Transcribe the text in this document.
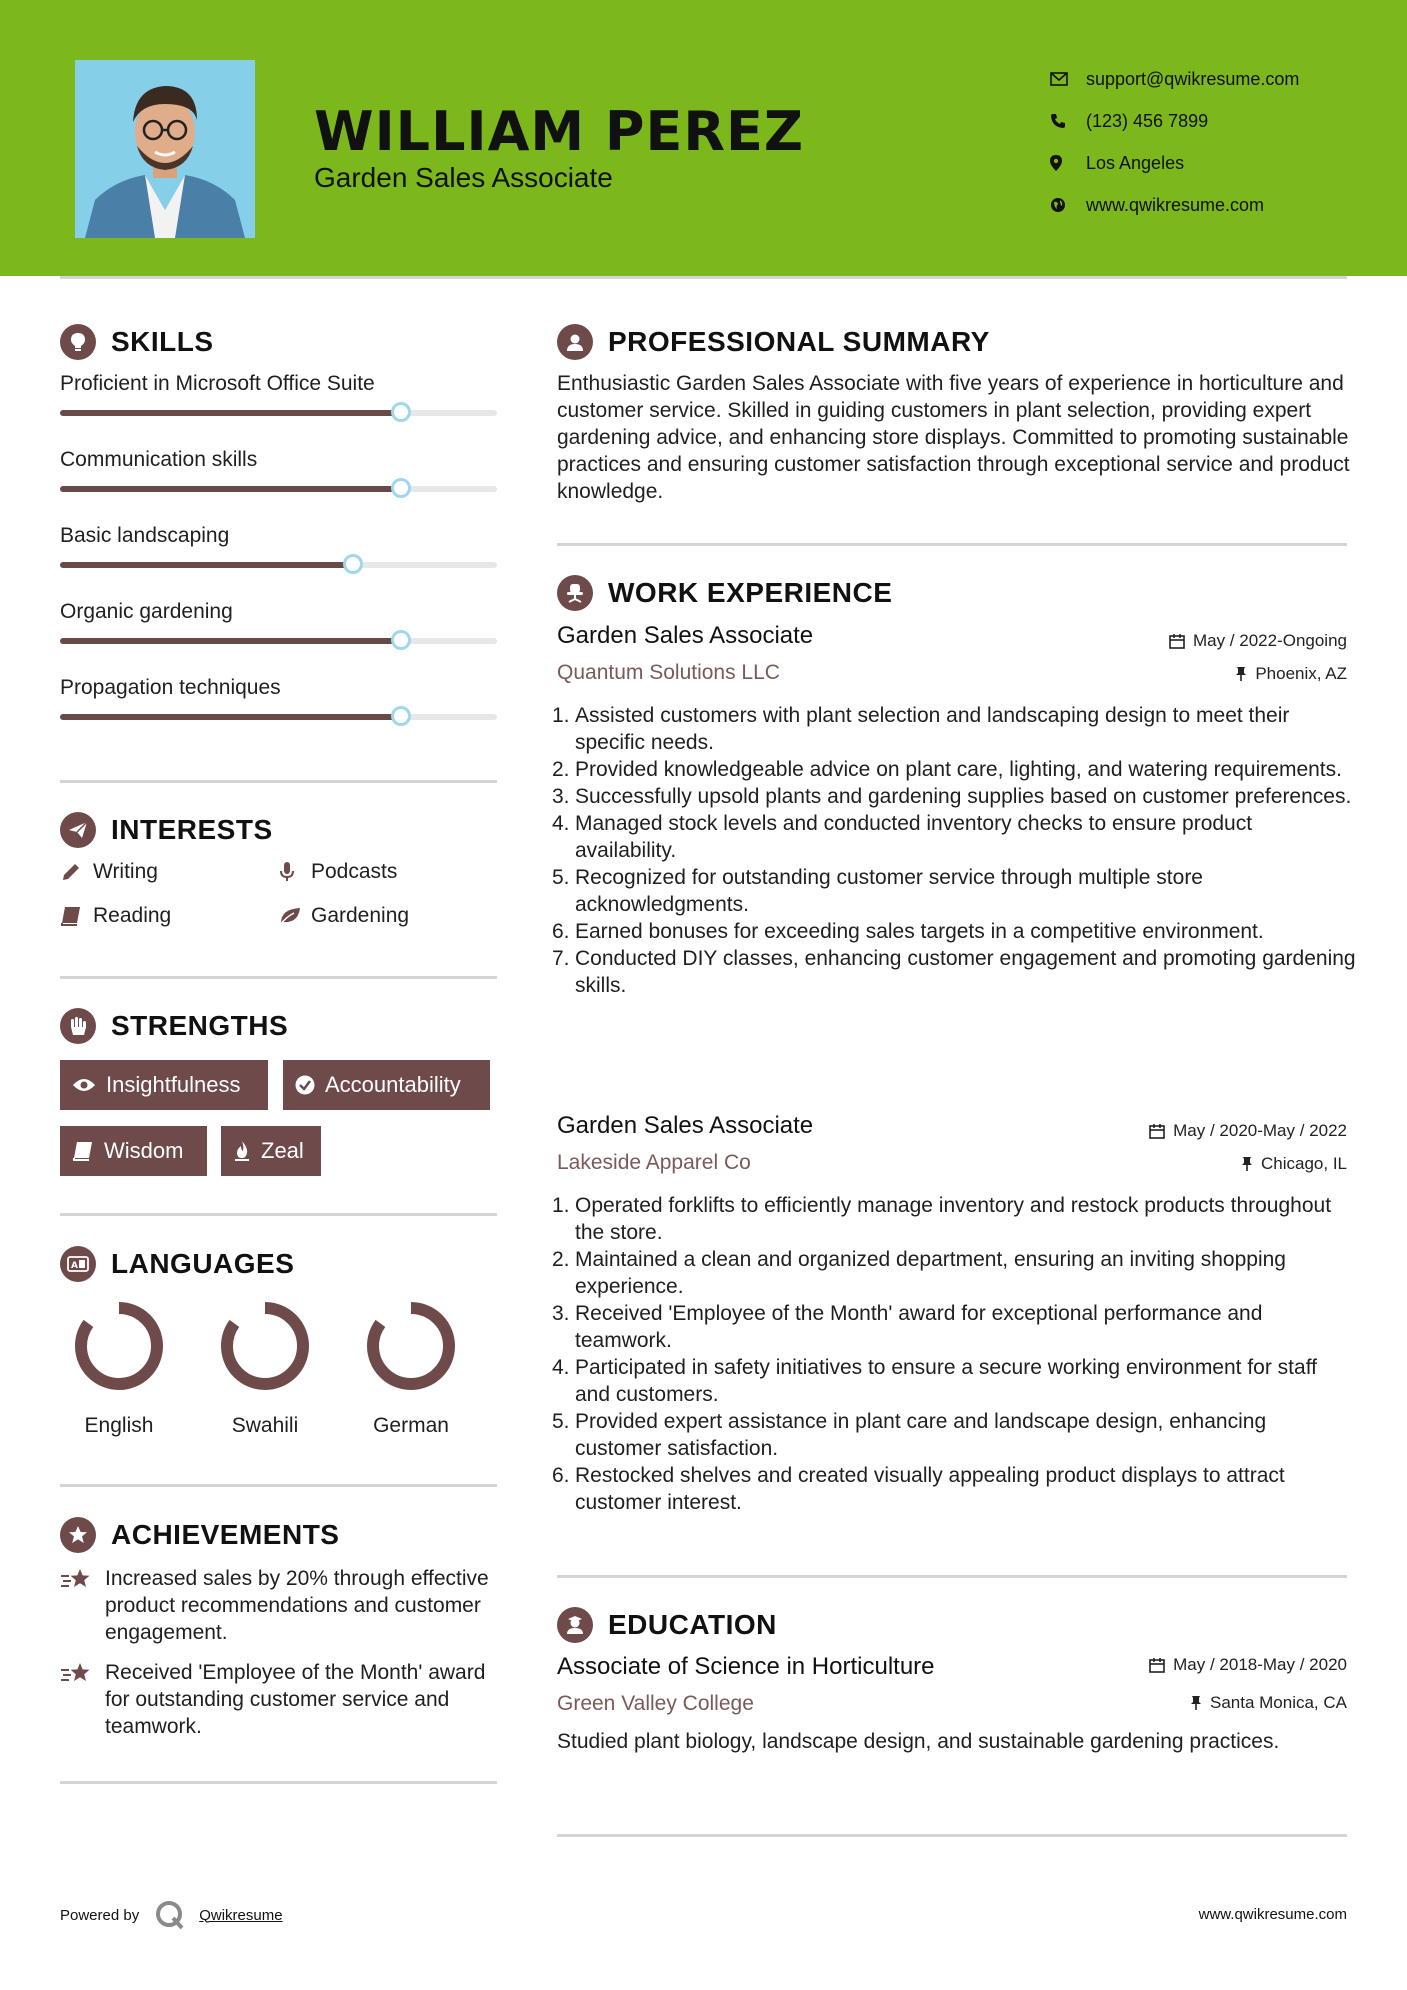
WILLIAM PEREZ
Garden Sales Associate
support@qwikresume.com
(123) 456 7899
Los Angeles
www.qwikresume.com
SKILLS
Proficient in Microsoft Office Suite
Communication skills
Basic landscaping
Organic gardening
Propagation techniques
INTERESTS
Writing	Podcasts
Reading	Gardening
STRENGTHS
Insightfulness	Accountability
Wisdom	Zeal
A LANGUAGES
English	Swahili	German
ACHIEVEMENTS
Increased sales by 20% through effective product recommendations and customer engagement.
Received 'Employee of the Month' award for outstanding customer service and teamwork.
PROFESSIONAL SUMMARY
Enthusiastic Garden Sales Associate with five years of experience in horticulture and customer service. Skilled in guiding customers in plant selection, providing expert gardening advice, and enhancing store displays. Committed to promoting sustainable practices and ensuring customer satisfaction through exceptional service and product knowledge.
WORK EXPERIENCE
Garden Sales Associate
Quantum Solutions LLC
May / 2022-Ongoing
Phoenix, AZ
1. Assisted customers with plant selection and landscaping design to meet their specific needs.
2. Provided knowledgeable advice on plant care, lighting, and watering requirements.
3. Successfully upsold plants and gardening supplies based on customer preferences.
4. Managed stock levels and conducted inventory checks to ensure product availability.
5. Recognized for outstanding customer service through multiple store acknowledgments.
6. Earned bonuses for exceeding sales targets in a competitive environment.
7. Conducted DIY classes, enhancing customer engagement and promoting gardening skills.
Garden Sales Associate
Lakeside Apparel Co
May / 2020-May / 2022
Chicago, IL
1. Operated forklifts to efficiently manage inventory and restock products throughout the store.
2. Maintained a clean and organized department, ensuring an inviting shopping experience.
3. Received 'Employee of the Month' award for exceptional performance and teamwork.
4. Participated in safety initiatives to ensure a secure working environment for staff and customers.
5. Provided expert assistance in plant care and landscape design, enhancing customer satisfaction.
6. Restocked shelves and created visually appealing product displays to attract customer interest.
EDUCATION
Associate of Science in Horticulture
Green Valley College
May / 2018-May / 2020
Santa Monica, CA
Studied plant biology, landscape design, and sustainable gardening practices.
Powered by	Qwikresume	www.qwikresume.com
